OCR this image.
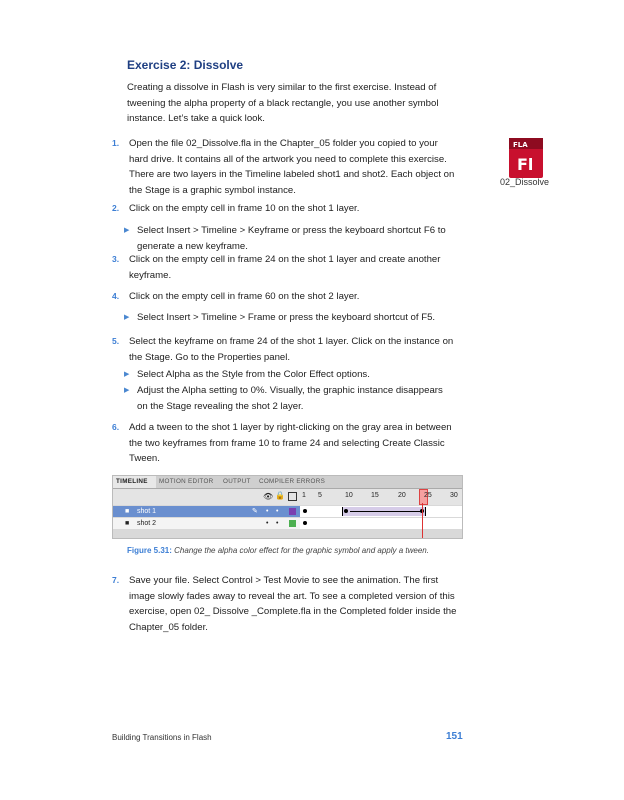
Exercise 2: Dissolve
Creating a dissolve in Flash is very similar to the first exercise. Instead of tweening the alpha property of a black rectangle, you use another symbol instance. Let’s take a quick look.
FLA
Fl
02_Dissolve
1. Open the file 02_Dissolve.fla in the Chapter_05 folder you copied to your hard drive. It contains all of the artwork you need to complete this exercise. There are two layers in the Timeline labeled shot1 and shot2. Each object on the Stage is a graphic symbol instance.
2. Click on the empty cell in frame 10 on the shot 1 layer.
▶ Select Insert > Timeline > Keyframe or press the keyboard shortcut F6 to generate a new keyframe.
3. Click on the empty cell in frame 24 on the shot 1 layer and create another keyframe.
4. Click on the empty cell in frame 60 on the shot 2 layer.
▶ Select Insert > Timeline > Frame or press the keyboard shortcut of F5.
5. Select the keyframe on frame 24 of the shot 1 layer. Click on the instance on the Stage. Go to the Properties panel.
▶ Select Alpha as the Style from the Color Effect options.
▶ Adjust the Alpha setting to 0%. Visually, the graphic instance disappears on the Stage revealing the shot 2 layer.
6. Add a tween to the shot 1 layer by right-clicking on the gray area in between the two keyframes from frame 10 to frame 24 and selecting Create Classic Tween.
TIMELINE	MOTION EDITOR	OUTPUT	COMPILER ERRORS
👁 🔒 1 5	10	15	20	25	30
■ shot 1	✎ • •
■ shot 2	• •
Figure 5.31: Change the alpha color effect for the graphic symbol and apply a tween.
7. Save your file. Select Control > Test Movie to see the animation. The first image slowly fades away to reveal the art. To see a completed version of this exercise, open 02_ Dissolve _Complete.fla in the Completed folder inside the Chapter_05 folder.
Building Transitions in Flash	151
